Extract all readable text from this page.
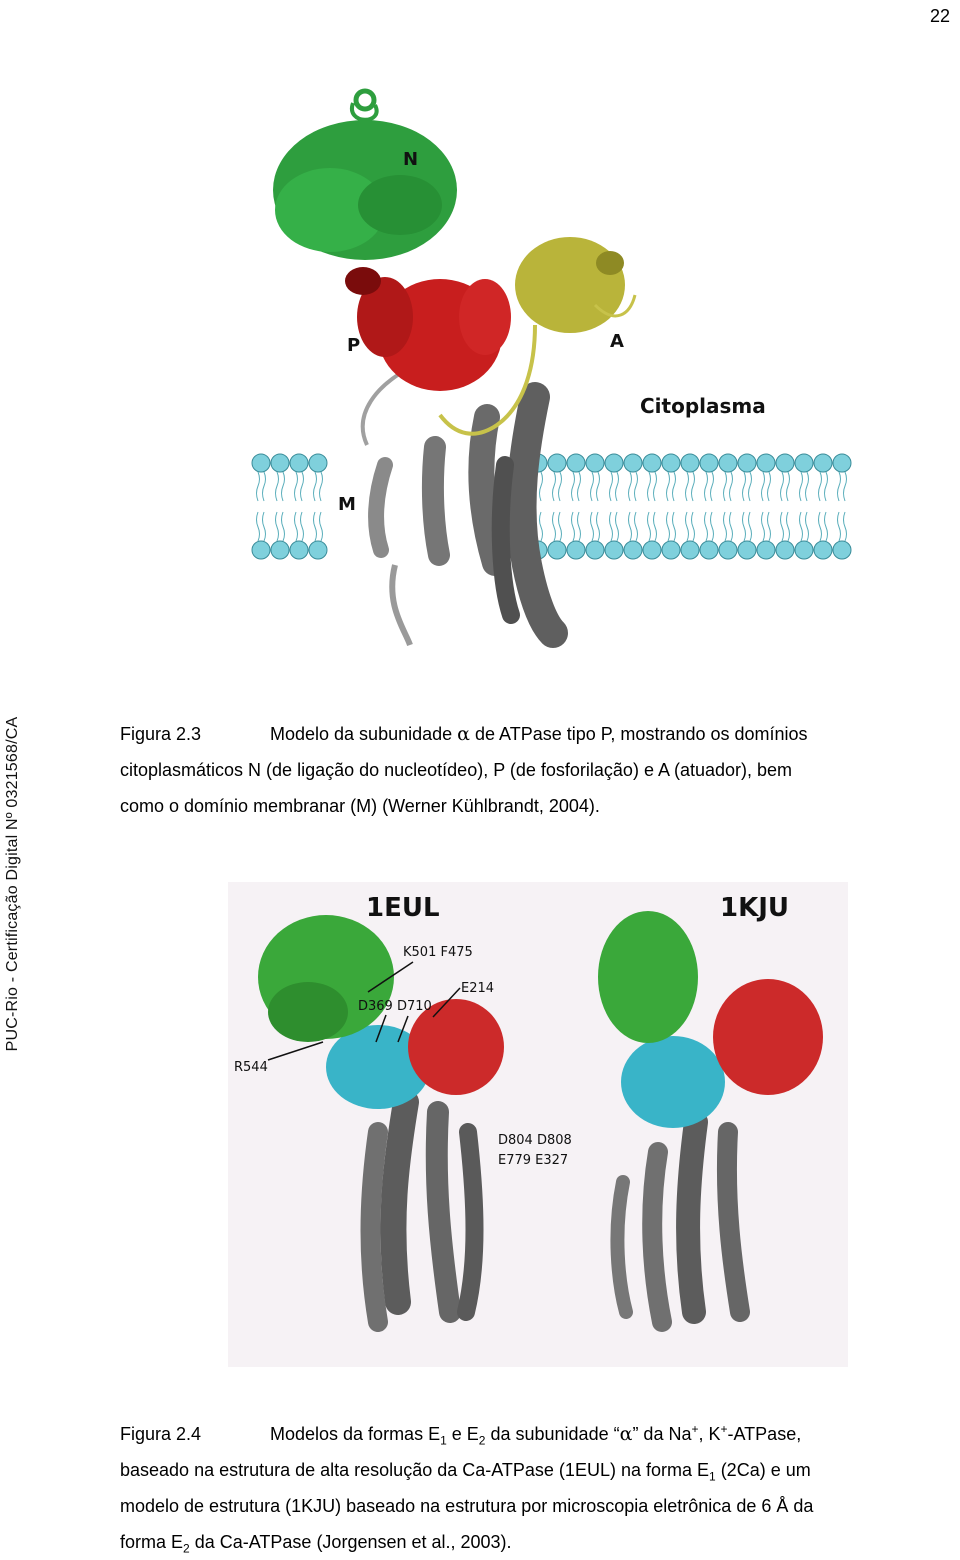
22
PUC-Rio - Certificação Digital Nº 0321568/CA
N
P	A
M
Citoplasma
Figura 2.3	Modelo da subunidade α de ATPase tipo P, mostrando os domínios
citoplasmáticos N (de ligação do nucleotídeo), P (de fosforilação) e A (atuador), bem
como o domínio membranar (M) (Werner Kühlbrandt, 2004).
1EUL	1KJU
K501 F475
E214
D369 D710
R544
D804 D808
E779 E327
Figura 2.4	Modelos da formas $E_1$ e $E_2$ da subunidade “α” da Na+, K+-ATPase,
baseado na estrutura de alta resolução da Ca-ATPase (1EUL) na forma $E_1$ (2Ca) e um
modelo de estrutura (1KJU) baseado na estrutura por microscopia eletrônica de 6 Å da
forma $E_2$ da Ca-ATPase (Jorgensen et al., 2003).
